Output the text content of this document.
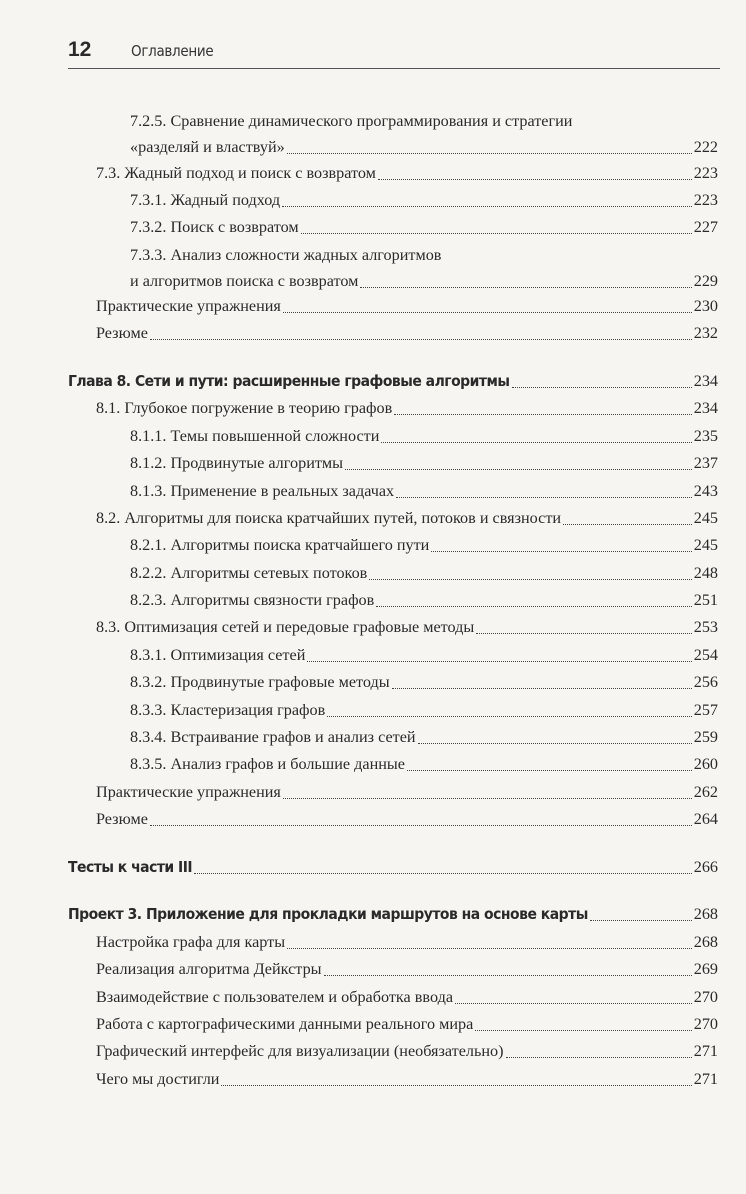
12	Оглавление
7.2.5. Сравнение динамического программирования и стратегии
«разделяй и властвуй»	222
7.3. Жадный подход и поиск с возвратом	223
7.3.1. Жадный подход	223
7.3.2. Поиск с возвратом	227
7.3.3. Анализ сложности жадных алгоритмов
и алгоритмов поиска с возвратом	229
Практические упражнения	230
Резюме	232
Глава 8. Сети и пути: расширенные графовые алгоритмы	234
8.1. Глубокое погружение в теорию графов	234
8.1.1. Темы повышенной сложности	235
8.1.2. Продвинутые алгоритмы	237
8.1.3. Применение в реальных задачах	243
8.2. Алгоритмы для поиска кратчайших путей, потоков и связности	245
8.2.1. Алгоритмы поиска кратчайшего пути	245
8.2.2. Алгоритмы сетевых потоков	248
8.2.3. Алгоритмы связности графов	251
8.3. Оптимизация сетей и передовые графовые методы	253
8.3.1. Оптимизация сетей	254
8.3.2. Продвинутые графовые методы	256
8.3.3. Кластеризация графов	257
8.3.4. Встраивание графов и анализ сетей	259
8.3.5. Анализ графов и большие данные	260
Практические упражнения	262
Резюме	264
Тесты к части III	266
Проект 3. Приложение для прокладки маршрутов на основе карты	268
Настройка графа для карты	268
Реализация алгоритма Дейкстры	269
Взаимодействие с пользователем и обработка ввода	270
Работа с картографическими данными реального мира	270
Графический интерфейс для визуализации (необязательно)	271
Чего мы достигли	271
